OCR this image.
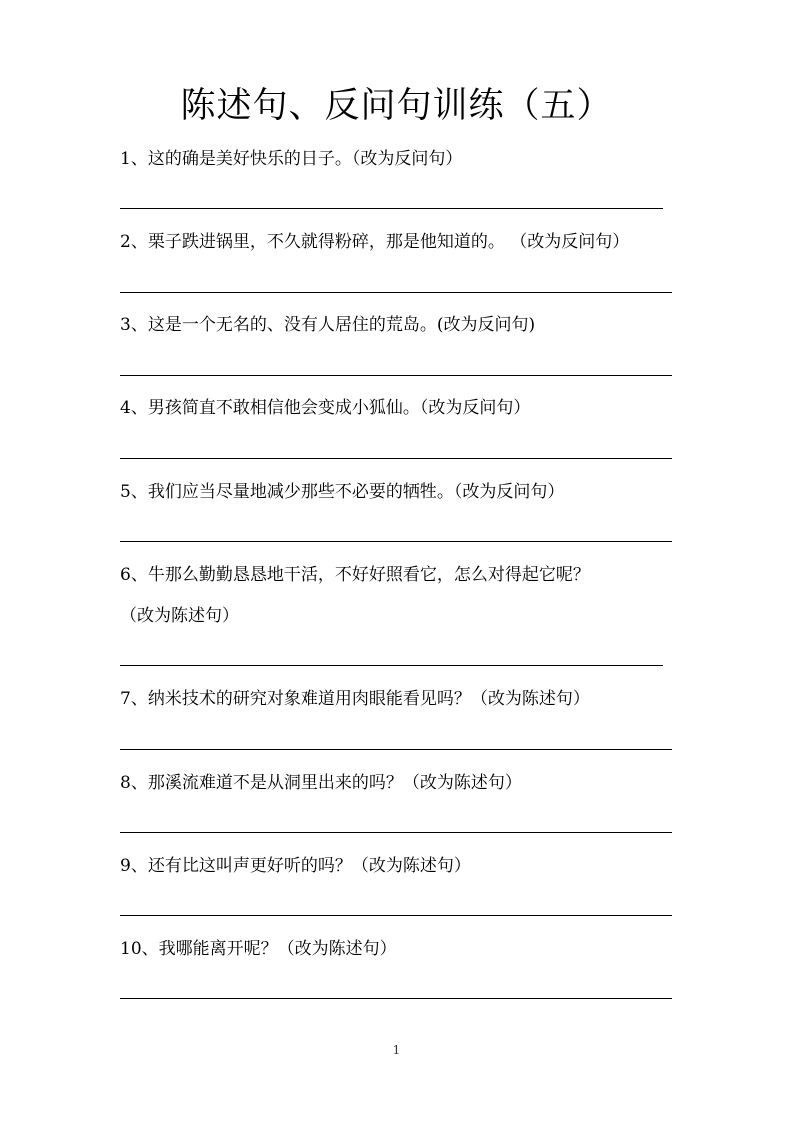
陈述句、反问句训练（五）
1、这的确是美好快乐的日子。（改为反问句）
2、栗子跌进锅里，不久就得粉碎，那是他知道的。 （改为反问句）
3、这是一个无名的、没有人居住的荒岛。(改为反问句)
4、男孩简直不敢相信他会变成小狐仙。（改为反问句）
5、我们应当尽量地减少那些不必要的牺牲。（改为反问句）
6、牛那么勤勤恳恳地干活，不好好照看它，怎么对得起它呢？
（改为陈述句）
7、纳米技术的研究对象难道用肉眼能看见吗？（改为陈述句）
8、那溪流难道不是从洞里出来的吗？（改为陈述句）
9、还有比这叫声更好听的吗？（改为陈述句）
10、我哪能离开呢？（改为陈述句）
1
